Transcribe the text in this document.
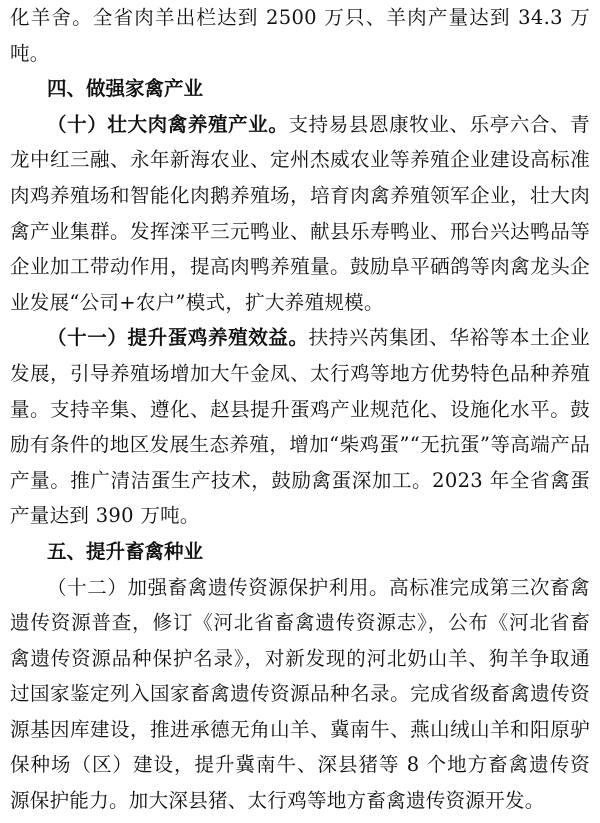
化羊舍。全省肉羊出栏达到 2500 万只、羊肉产量达到 34.3 万吨。

四、做强家禽产业

（十）壮大肉禽养殖产业。支持易县恩康牧业、乐亭六合、青龙中红三融、永年新海农业、定州杰威农业等养殖企业建设高标准肉鸡养殖场和智能化肉鹅养殖场，培育肉禽养殖领军企业，壮大肉禽产业集群。发挥滦平三元鸭业、献县乐寿鸭业、邢台兴达鸭品等企业加工带动作用，提高肉鸭养殖量。鼓励阜平硒鸽等肉禽龙头企业发展“公司+农户”模式，扩大养殖规模。

（十一）提升蛋鸡养殖效益。扶持兴芮集团、华裕等本土企业发展，引导养殖场增加大午金凤、太行鸡等地方优势特色品种养殖量。支持辛集、遵化、赵县提升蛋鸡产业规范化、设施化水平。鼓励有条件的地区发展生态养殖，增加“柴鸡蛋”“无抗蛋”等高端产品产量。推广清洁蛋生产技术，鼓励禽蛋深加工。2023 年全省禽蛋产量达到 390 万吨。

五、提升畜禽种业

（十二）加强畜禽遗传资源保护利用。高标准完成第三次畜禽遗传资源普查，修订《河北省畜禽遗传资源志》，公布《河北省畜禽遗传资源品种保护名录》，对新发现的河北奶山羊、狗羊争取通过国家鉴定列入国家畜禽遗传资源品种名录。完成省级畜禽遗传资源基因库建设，推进承德无角山羊、冀南牛、燕山绒山羊和阳原驴保种场（区）建设，提升冀南牛、深县猪等 8 个地方畜禽遗传资源保护能力。加大深县猪、太行鸡等地方畜禽遗传资源开发。
